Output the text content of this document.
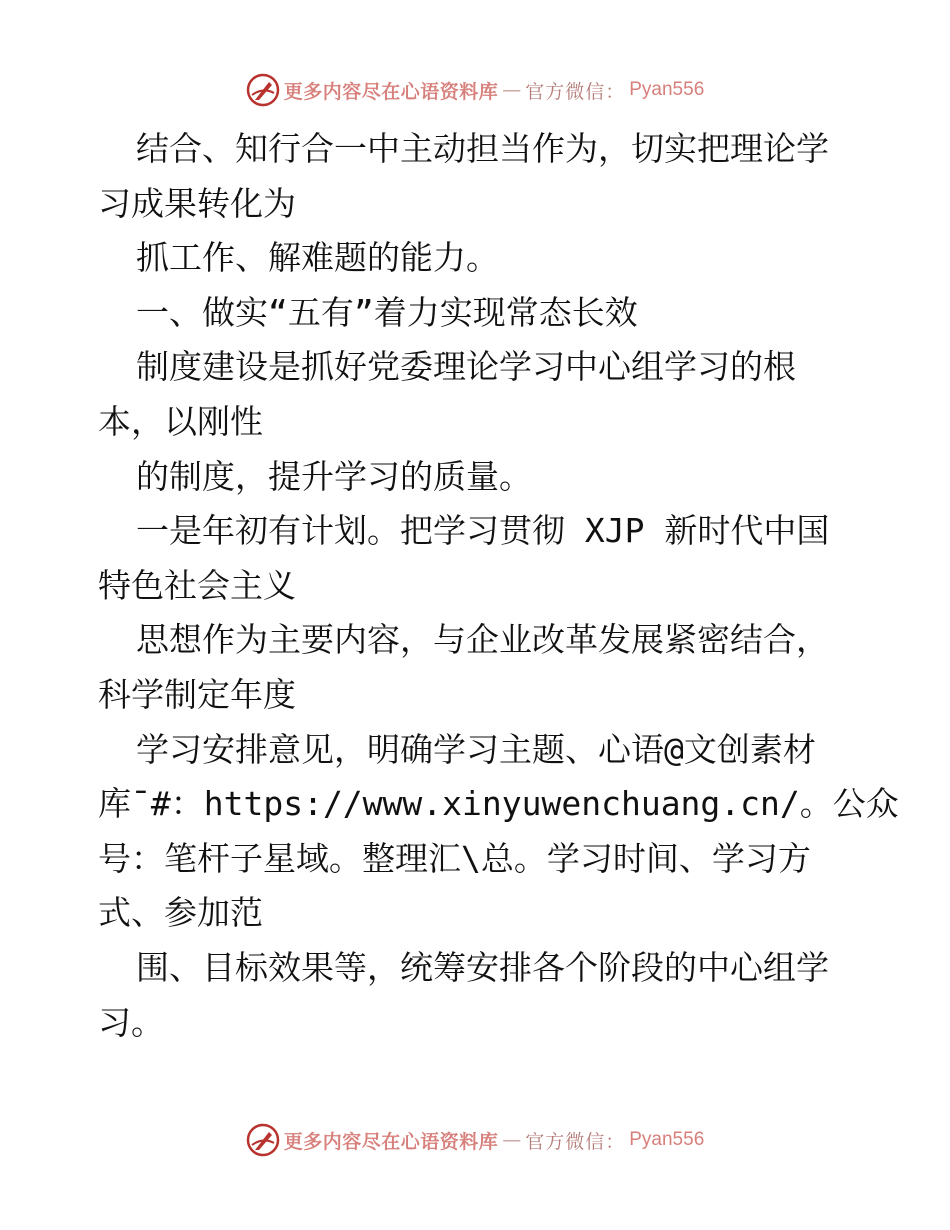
更多内容尽在心语资料库 — 官方微信： Pyan556
结合、知行合一中主动担当作为，切实把理论学
习成果转化为
抓工作、解难题的能力。
一、做实“五有”着力实现常态长效
制度建设是抓好党委理论学习中心组学习的根
本，以刚性
的制度，提升学习的质量。
一是年初有计划。把学习贯彻 XJP 新时代中国
特色社会主义
思想作为主要内容，与企业改革发展紧密结合，
科学制定年度
学习安排意见，明确学习主题、心语@文创素材
库¯#：https://www.xinyuwenchuang.cn/。公众
号：笔杆子星域。整理汇\总。学习时间、学习方
式、参加范
围、目标效果等，统筹安排各个阶段的中心组学
习。
更多内容尽在心语资料库 — 官方微信： Pyan556
